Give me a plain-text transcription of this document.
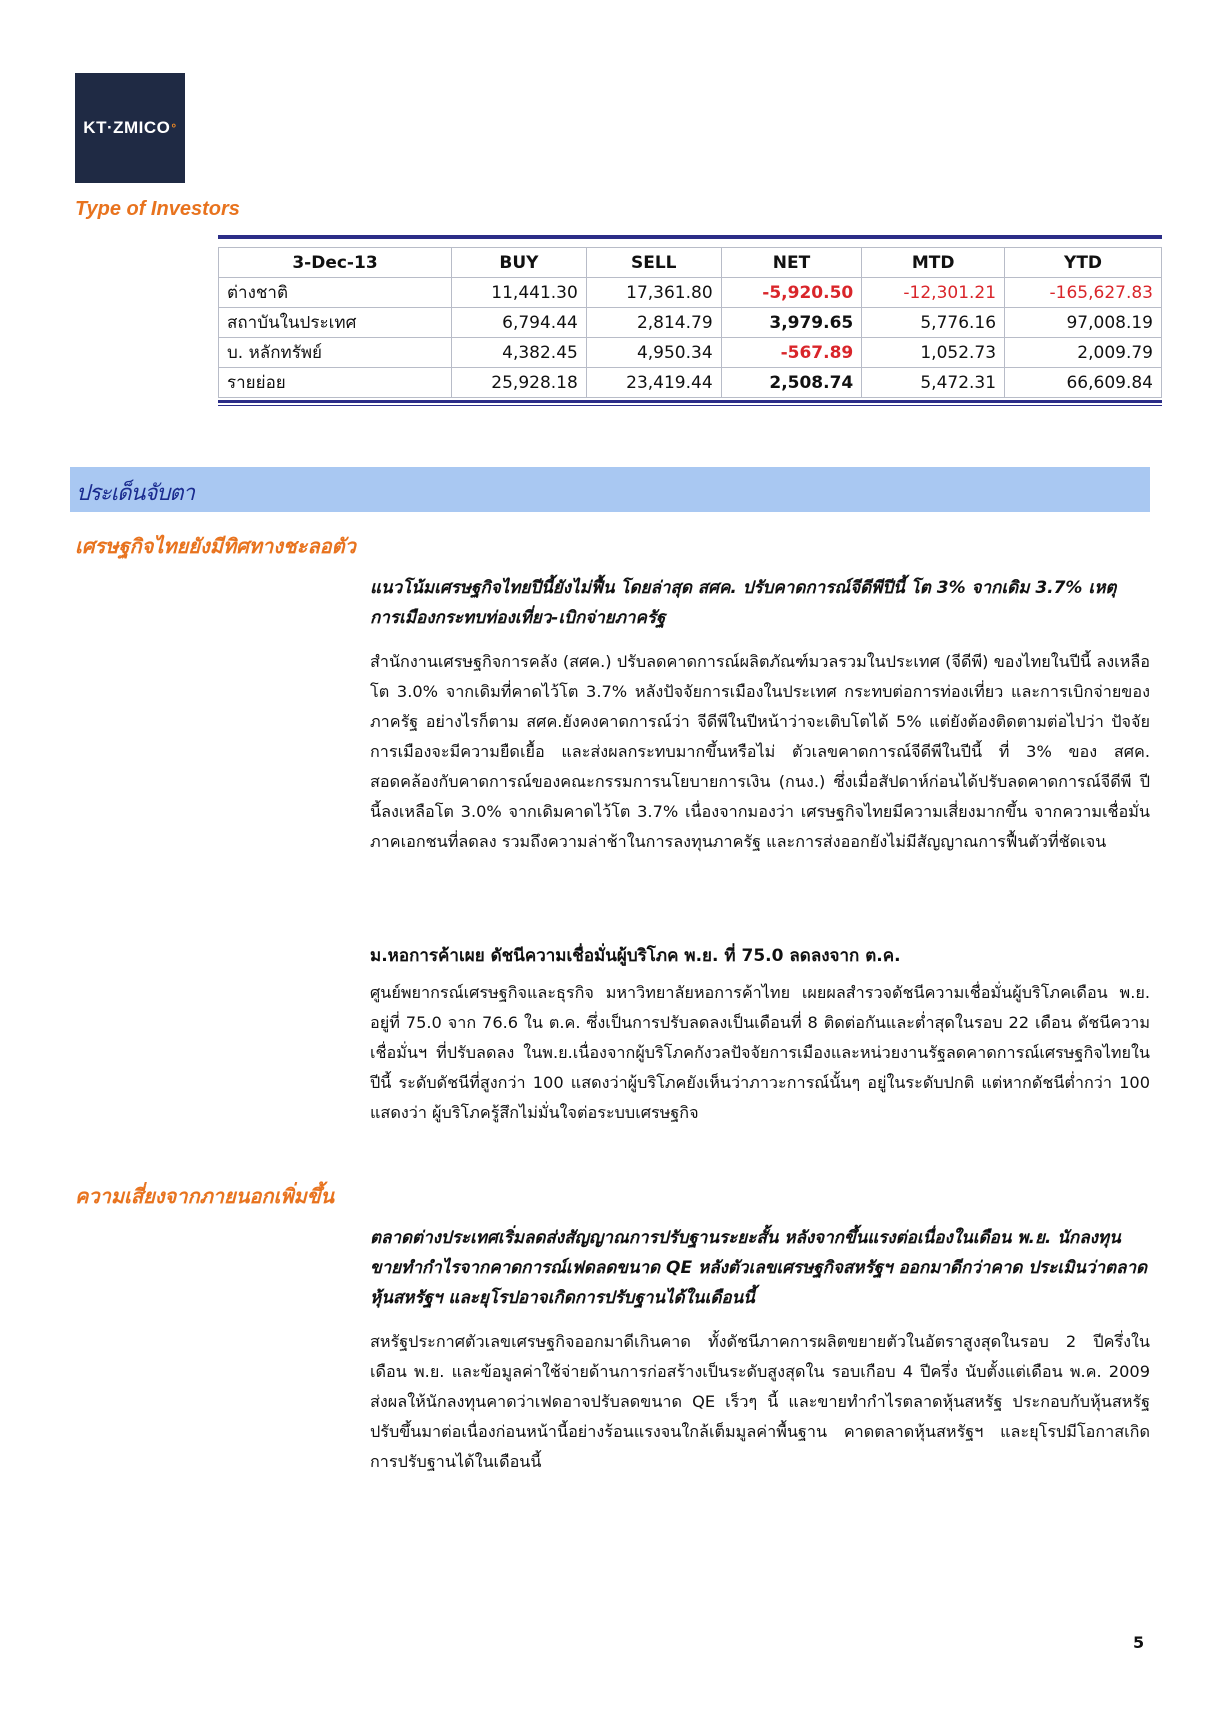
KT·ZMICO °
Type of Investors
3-Dec-13	BUY	SELL	NET	MTD	YTD
ต่างชาติ	11,441.30	17,361.80	-5,920.50	-12,301.21	-165,627.83
สถาบันในประเทศ	6,794.44	2,814.79	3,979.65	5,776.16	97,008.19
บ. หลักทรัพย์	4,382.45	4,950.34	-567.89	1,052.73	2,009.79
รายย่อย	25,928.18	23,419.44	2,508.74	5,472.31	66,609.84
ประเด็นจับตา
เศรษฐกิจไทยยังมีทิศทางชะลอตัว
แนวโน้มเศรษฐกิจไทยปีนี้ยังไม่ฟื้น โดยล่าสุด สศค. ปรับคาดการณ์จีดีพีปีนี้ โต 3% จากเดิม 3.7% เหตุการเมืองกระทบท่องเที่ยว-เบิกจ่ายภาครัฐ
สำนักงานเศรษฐกิจการคลัง (สศค.) ปรับลดคาดการณ์ผลิตภัณฑ์มวลรวมในประเทศ (จีดีพี) ของไทยในปีนี้ ลงเหลือโต 3.0% จากเดิมที่คาดไว้โต 3.7% หลังปัจจัยการเมืองในประเทศ กระทบต่อการท่องเที่ยว และการเบิกจ่ายของภาครัฐ อย่างไรก็ตาม สศค.ยังคงคาดการณ์ว่า จีดีพีในปีหน้าว่าจะเติบโตได้ 5% แต่ยังต้องติดตามต่อไปว่า ปัจจัยการเมืองจะมีความยืดเยื้อ และส่งผลกระทบมากขึ้นหรือไม่ ตัวเลขคาดการณ์จีดีพีในปีนี้ ที่ 3% ของ สศค. สอดคล้องกับคาดการณ์ของคณะกรรมการนโยบายการเงิน (กนง.) ซึ่งเมื่อสัปดาห์ก่อนได้ปรับลดคาดการณ์จีดีพี ปีนี้ลงเหลือโต 3.0% จากเดิมคาดไว้โต 3.7% เนื่องจากมองว่า เศรษฐกิจไทยมีความเสี่ยงมากขึ้น จากความเชื่อมั่นภาคเอกชนที่ลดลง รวมถึงความล่าช้าในการลงทุนภาครัฐ และการส่งออกยังไม่มีสัญญาณการฟื้นตัวที่ชัดเจน
ม.หอการค้าเผย ดัชนีความเชื่อมั่นผู้บริโภค พ.ย. ที่ 75.0 ลดลงจาก ต.ค.
ศูนย์พยากรณ์เศรษฐกิจและธุรกิจ มหาวิทยาลัยหอการค้าไทย เผยผลสำรวจดัชนีความเชื่อมั่นผู้บริโภคเดือน พ.ย. อยู่ที่ 75.0 จาก 76.6 ใน ต.ค. ซึ่งเป็นการปรับลดลงเป็นเดือนที่ 8 ติดต่อกันและต่ำสุดในรอบ 22 เดือน ดัชนีความเชื่อมั่นฯ ที่ปรับลดลง ในพ.ย.เนื่องจากผู้บริโภคกังวลปัจจัยการเมืองและหน่วยงานรัฐลดคาดการณ์เศรษฐกิจไทยในปีนี้ ระดับดัชนีที่สูงกว่า 100 แสดงว่าผู้บริโภคยังเห็นว่าภาวะการณ์นั้นๆ อยู่ในระดับปกติ แต่หากดัชนีต่ำกว่า 100 แสดงว่า ผู้บริโภครู้สึกไม่มั่นใจต่อระบบเศรษฐกิจ
ความเสี่ยงจากภายนอกเพิ่มขึ้น
ตลาดต่างประเทศเริ่มลดส่งสัญญาณการปรับฐานระยะสั้น หลังจากขึ้นแรงต่อเนื่องในเดือน พ.ย. นักลงทุนขายทำกำไรจากคาดการณ์เฟดลดขนาด QE หลังตัวเลขเศรษฐกิจสหรัฐฯ ออกมาดีกว่าคาด ประเมินว่าตลาดหุ้นสหรัฐฯ และยุโรปอาจเกิดการปรับฐานได้ในเดือนนี้
สหรัฐประกาศตัวเลขเศรษฐกิจออกมาดีเกินคาด ทั้งดัชนีภาคการผลิตขยายตัวในอัตราสูงสุดในรอบ 2 ปีครึ่งในเดือน พ.ย. และข้อมูลค่าใช้จ่ายด้านการก่อสร้างเป็นระดับสูงสุดใน รอบเกือบ 4 ปีครึ่ง นับตั้งแต่เดือน พ.ค. 2009 ส่งผลให้นักลงทุนคาดว่าเฟดอาจปรับลดขนาด QE เร็วๆ นี้ และขายทำกำไรตลาดหุ้นสหรัฐ ประกอบกับหุ้นสหรัฐปรับขึ้นมาต่อเนื่องก่อนหน้านี้อย่างร้อนแรงจนใกล้เต็มมูลค่าพื้นฐาน คาดตลาดหุ้นสหรัฐฯ และยุโรปมีโอกาสเกิดการปรับฐานได้ในเดือนนี้
5
